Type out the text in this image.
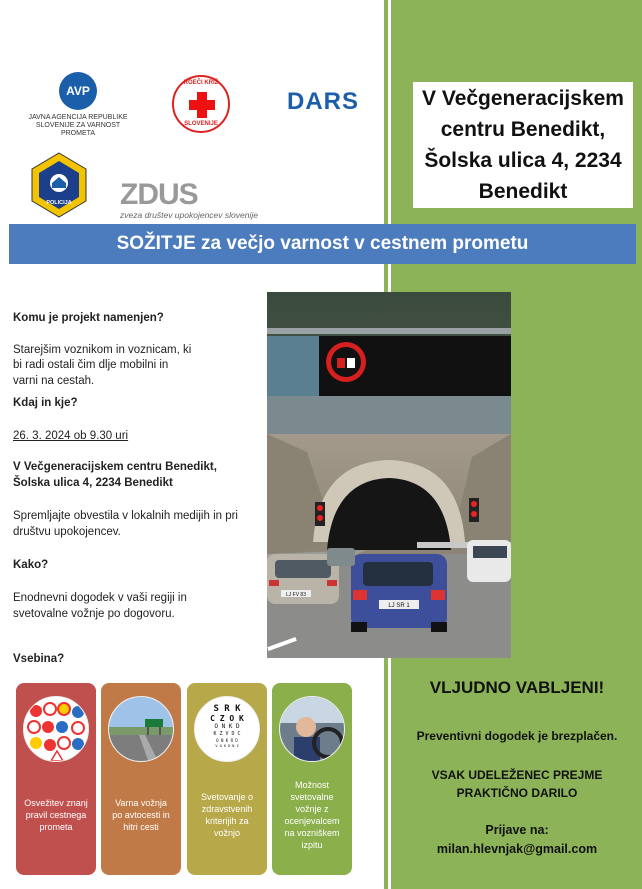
V Večgeneracijskem centru Benedikt, Šolska ulica 4, 2234 Benedikt
AVP
JAVNA AGENCIJA REPUBLIKE SLOVENIJE ZA VARNOST PROMETA
ROEČI KRIŽ
SLOVENIJE
DARS
POLICIJA ZDUS
zveza društev upokojencev slovenije
SOŽITJE za večjo varnost v cestnem prometu
Komu je projekt namenjen?
Starejšim voznikom in voznicam, ki
bi radi ostali čim dlje mobilni in
varni na cestah.
Kdaj in kje?
26. 3. 2024 ob 9.30 uri
V Večgeneracijskem centru Benedikt,
Šolska ulica 4, 2234 Benedikt
Spremljajte obvestila v lokalnih medijih in pri
društvu upokojencev.
Kako?
Enodnevni dogodek v vaši regiji in
svetovalne vožnje po dogovoru.
Vsebina?
LJ FV 83
LJ SR 1
Osvežitev znanj
pravil cestnega
prometa
Varna vožnja
po avtocesti in
hitri cesti
S R K
C Z O K
O N K D
K Z V D C
O N K R D
V O K D N Z
Svetovanje o
zdravstvenih
kriterijih za
vožnjo
Možnost
svetovalne
vožnje z
ocenjevalcem
na vozniškem
izpitu
VLJUDNO VABLJENI!
Preventivni dogodek je brezplačen.
VSAK UDELEŽENEC PREJME
PRAKTIČNO DARILO
Prijave na:
milan.hlevnjak@gmail.com
